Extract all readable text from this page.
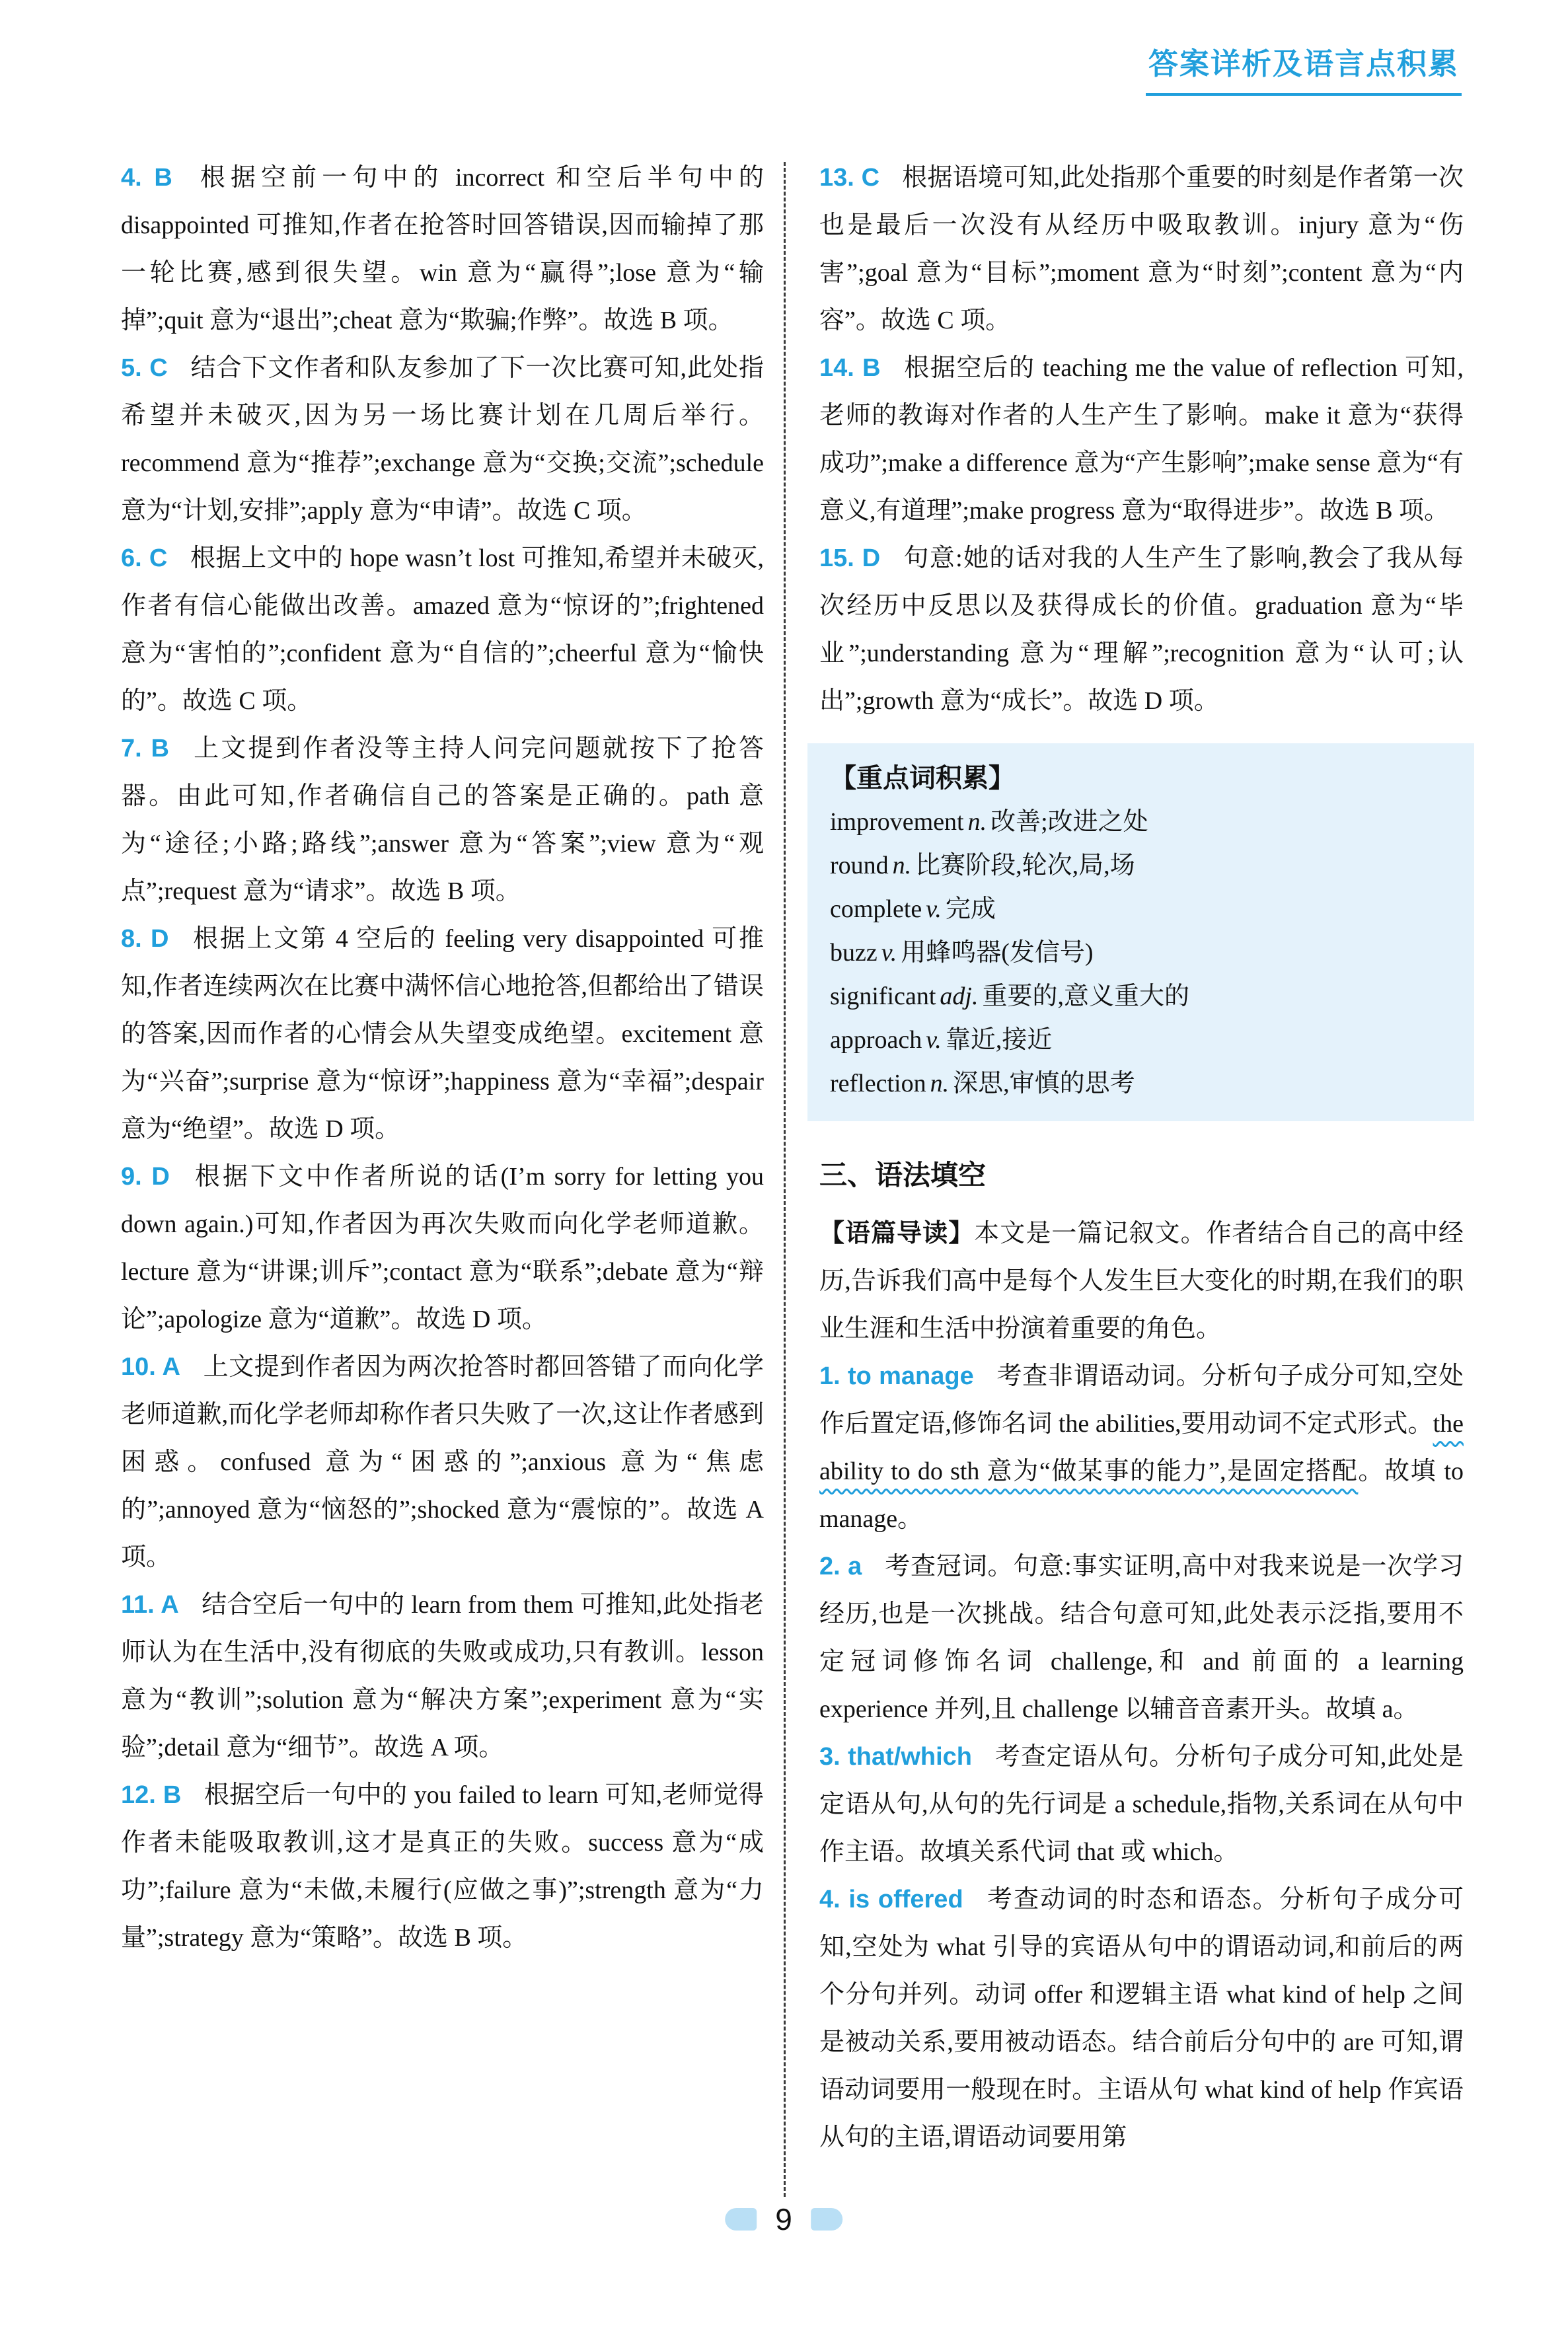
答案详析及语言点积累

4. B 根据空前一句中的 incorrect 和空后半句中的 disappointed 可推知,作者在抢答时回答错误,因而输掉了那一轮比赛,感到很失望。win 意为“赢得”;lose 意为“输掉”;quit 意为“退出”;cheat 意为“欺骗;作弊”。故选 B 项。

5. C 结合下文作者和队友参加了下一次比赛可知,此处指希望并未破灭,因为另一场比赛计划在几周后举行。recommend 意为“推荐”;exchange 意为“交换;交流”;schedule 意为“计划,安排”;apply 意为“申请”。故选 C 项。

6. C 根据上文中的 hope wasn’t lost 可推知,希望并未破灭,作者有信心能做出改善。amazed 意为“惊讶的”;frightened 意为“害怕的”;confident 意为“自信的”;cheerful 意为“愉快的”。故选 C 项。

7. B 上文提到作者没等主持人问完问题就按下了抢答器。由此可知,作者确信自己的答案是正确的。path 意为“途径;小路;路线”;answer 意为“答案”;view 意为“观点”;request 意为“请求”。故选 B 项。

8. D 根据上文第 4 空后的 feeling very disappointed 可推知,作者连续两次在比赛中满怀信心地抢答,但都给出了错误的答案,因而作者的心情会从失望变成绝望。excitement 意为“兴奋”;surprise 意为“惊讶”;happiness 意为“幸福”;despair 意为“绝望”。故选 D 项。

9. D 根据下文中作者所说的话(I’m sorry for letting you down again.)可知,作者因为再次失败而向化学老师道歉。lecture 意为“讲课;训斥”;contact 意为“联系”;debate 意为“辩论”;apologize 意为“道歉”。故选 D 项。

10. A 上文提到作者因为两次抢答时都回答错了而向化学老师道歉,而化学老师却称作者只失败了一次,这让作者感到困惑。confused 意为“困惑的”;anxious 意为“焦虑的”;annoyed 意为“恼怒的”;shocked 意为“震惊的”。故选 A 项。

11. A 结合空后一句中的 learn from them 可推知,此处指老师认为在生活中,没有彻底的失败或成功,只有教训。lesson 意为“教训”;solution 意为“解决方案”;experiment 意为“实验”;detail 意为“细节”。故选 A 项。

12. B 根据空后一句中的 you failed to learn 可知,老师觉得作者未能吸取教训,这才是真正的失败。success 意为“成功”;failure 意为“未做,未履行(应做之事)”;strength 意为“力量”;strategy 意为“策略”。故选 B 项。

13. C 根据语境可知,此处指那个重要的时刻是作者第一次也是最后一次没有从经历中吸取教训。injury 意为“伤害”;goal 意为“目标”;moment 意为“时刻”;content 意为“内容”。故选 C 项。

14. B 根据空后的 teaching me the value of reflection 可知,老师的教诲对作者的人生产生了影响。make it 意为“获得成功”;make a difference 意为“产生影响”;make sense 意为“有意义,有道理”;make progress 意为“取得进步”。故选 B 项。

15. D 句意:她的话对我的人生产生了影响,教会了我从每次经历中反思以及获得成长的价值。graduation 意为“毕业”;understanding 意为“理解”;recognition 意为“认可;认出”;growth 意为“成长”。故选 D 项。

【重点词积累】
improvement n. 改善;改进之处
round n. 比赛阶段,轮次,局,场
complete v. 完成
buzz v. 用蜂鸣器(发信号)
significant adj. 重要的,意义重大的
approach v. 靠近,接近
reflection n. 深思,审慎的思考
三、语法填空

【语篇导读】本文是一篇记叙文。作者结合自己的高中经历,告诉我们高中是每个人发生巨大变化的时期,在我们的职业生涯和生活中扮演着重要的角色。

1. to manage 考查非谓语动词。分析句子成分可知,空处作后置定语,修饰名词 the abilities,要用动词不定式形式。the ability to do sth 意为“做某事的能力”,是固定搭配。故填 to manage。

2. a 考查冠词。句意:事实证明,高中对我来说是一次学习经历,也是一次挑战。结合句意可知,此处表示泛指,要用不定冠词修饰名词 challenge,和 and 前面的 a learning experience 并列,且 challenge 以辅音音素开头。故填 a。

3. that/which 考查定语从句。分析句子成分可知,此处是定语从句,从句的先行词是 a schedule,指物,关系词在从句中作主语。故填关系代词 that 或 which。

4. is offered 考查动词的时态和语态。分析句子成分可知,空处为 what 引导的宾语从句中的谓语动词,和前后的两个分句并列。动词 offer 和逻辑主语 what kind of help 之间是被动关系,要用被动语态。结合前后分句中的 are 可知,谓语动词要用一般现在时。主语从句 what kind of help 作宾语从句的主语,谓语动词要用第

9
